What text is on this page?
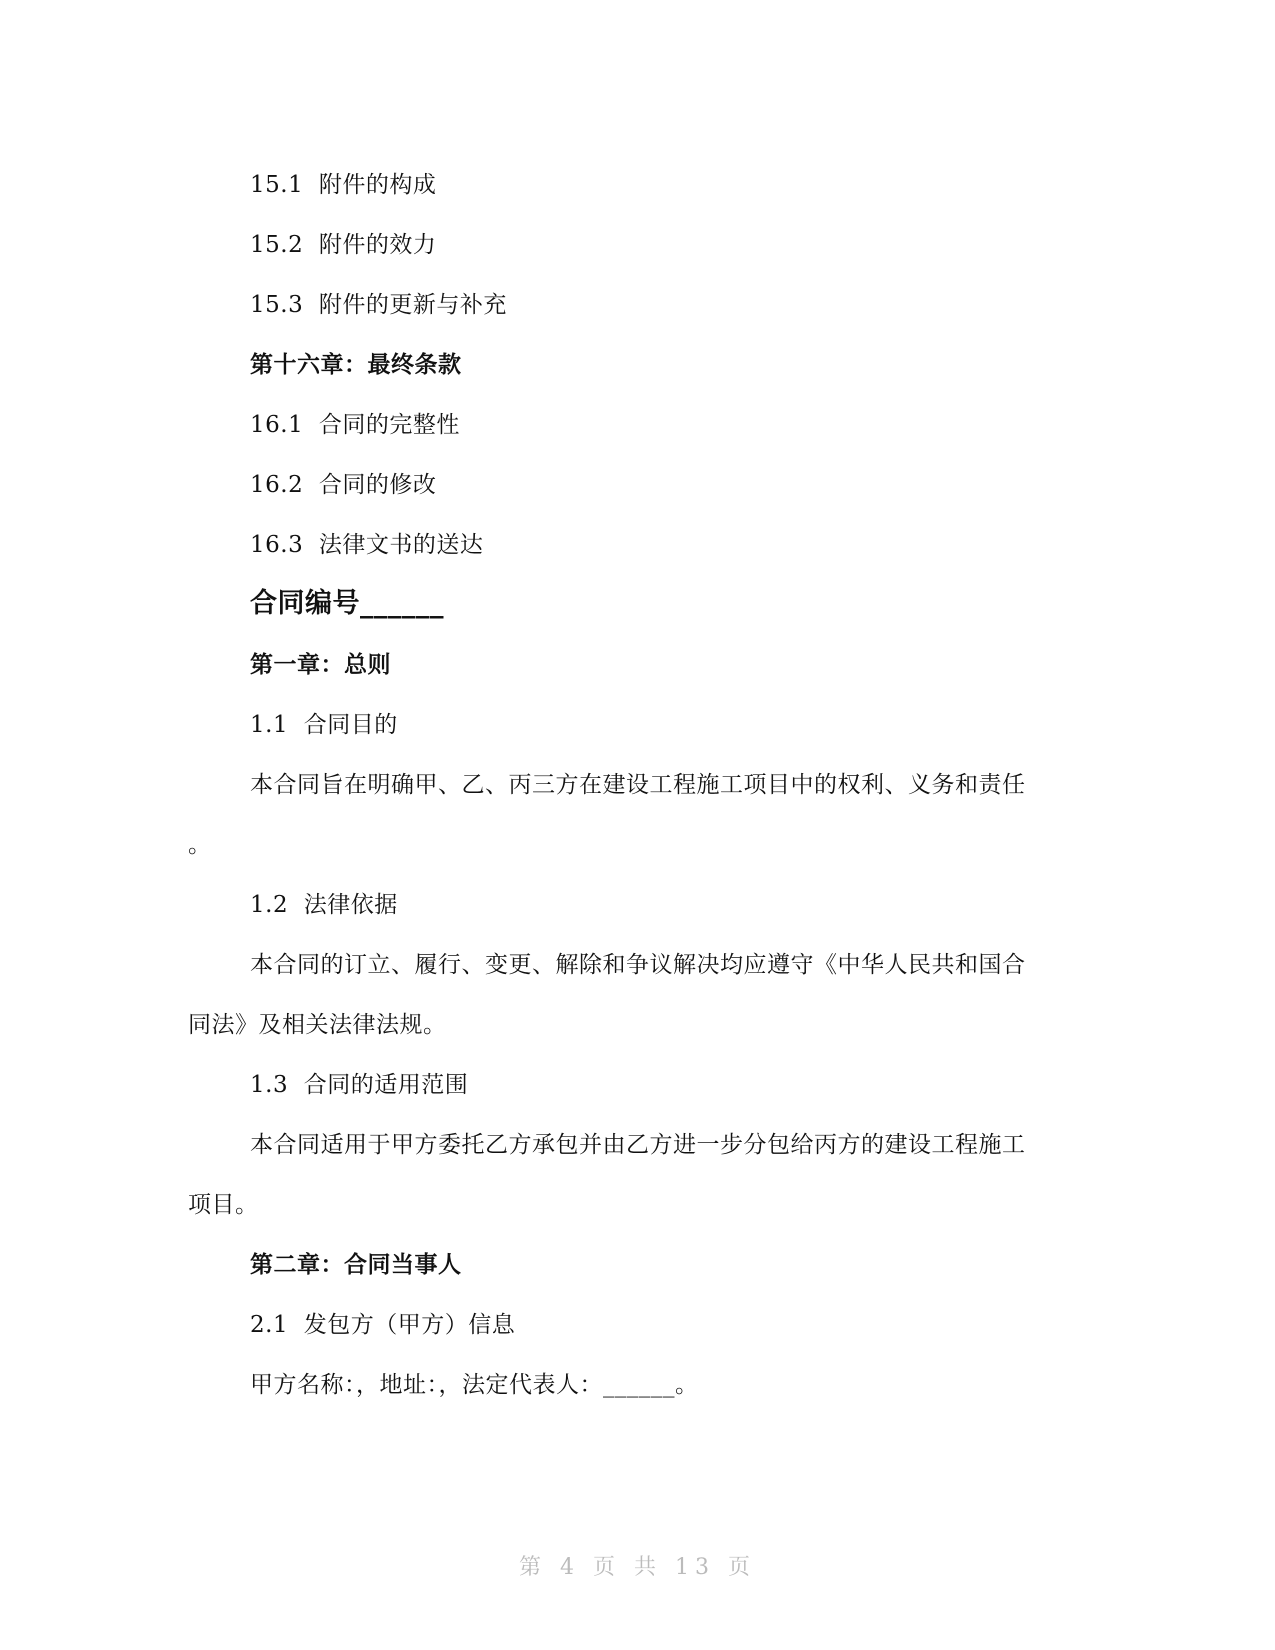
15.1 附件的构成
15.2 附件的效力
15.3 附件的更新与补充
第十六章：最终条款
16.1 合同的完整性
16.2 合同的修改
16.3 法律文书的送达
合同编号______
第一章：总则
1.1 合同目的
本合同旨在明确甲、乙、丙三方在建设工程施工项目中的权利、义务和责任
。
1.2 法律依据
本合同的订立、履行、变更、解除和争议解决均应遵守《中华人民共和国合
同法》及相关法律法规。
1.3 合同的适用范围
本合同适用于甲方委托乙方承包并由乙方进一步分包给丙方的建设工程施工
项目。
第二章：合同当事人
2.1 发包方（甲方）信息
甲方名称：，地址：，法定代表人：______。
第 4 页 共 13 页
